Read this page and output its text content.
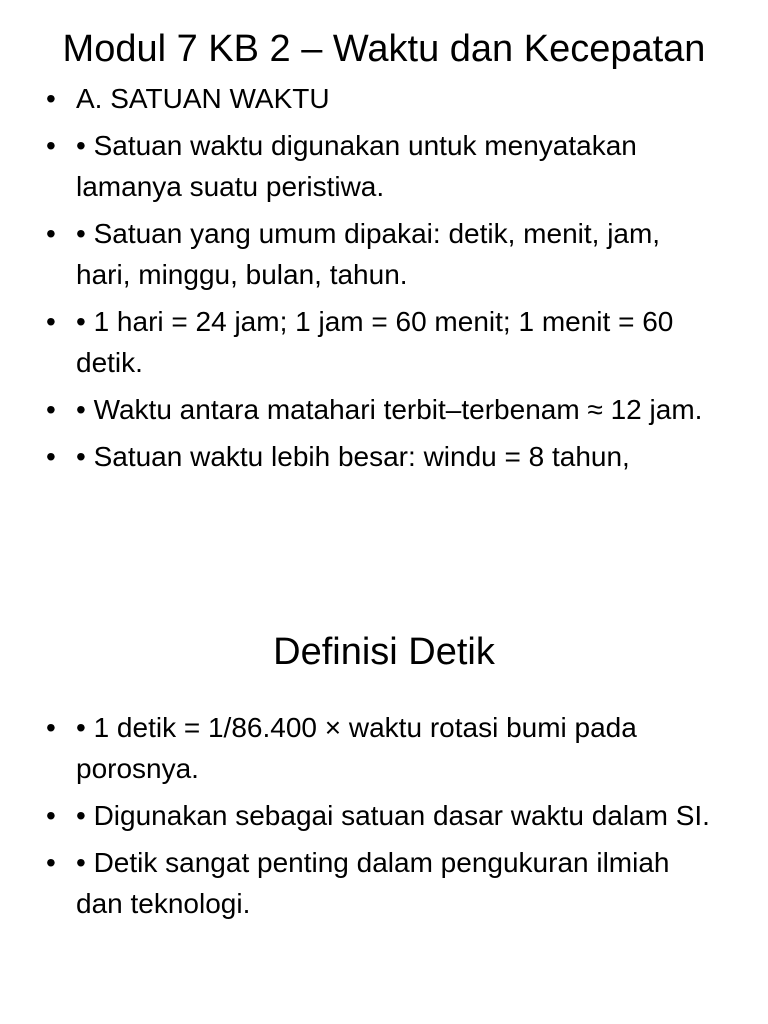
Modul 7 KB 2 – Waktu dan Kecepatan
• A. SATUAN WAKTU
• • Satuan waktu digunakan untuk menyatakan lamanya suatu peristiwa.
• • Satuan yang umum dipakai: detik, menit, jam, hari, minggu, bulan, tahun.
• • 1 hari = 24 jam; 1 jam = 60 menit; 1 menit = 60 detik.
• • Waktu antara matahari terbit–terbenam ≈ 12 jam.
• • Satuan waktu lebih besar: windu = 8 tahun,
Definisi Detik
• • 1 detik = 1/86.400 × waktu rotasi bumi pada porosnya.
• • Digunakan sebagai satuan dasar waktu dalam SI.
• • Detik sangat penting dalam pengukuran ilmiah dan teknologi.
